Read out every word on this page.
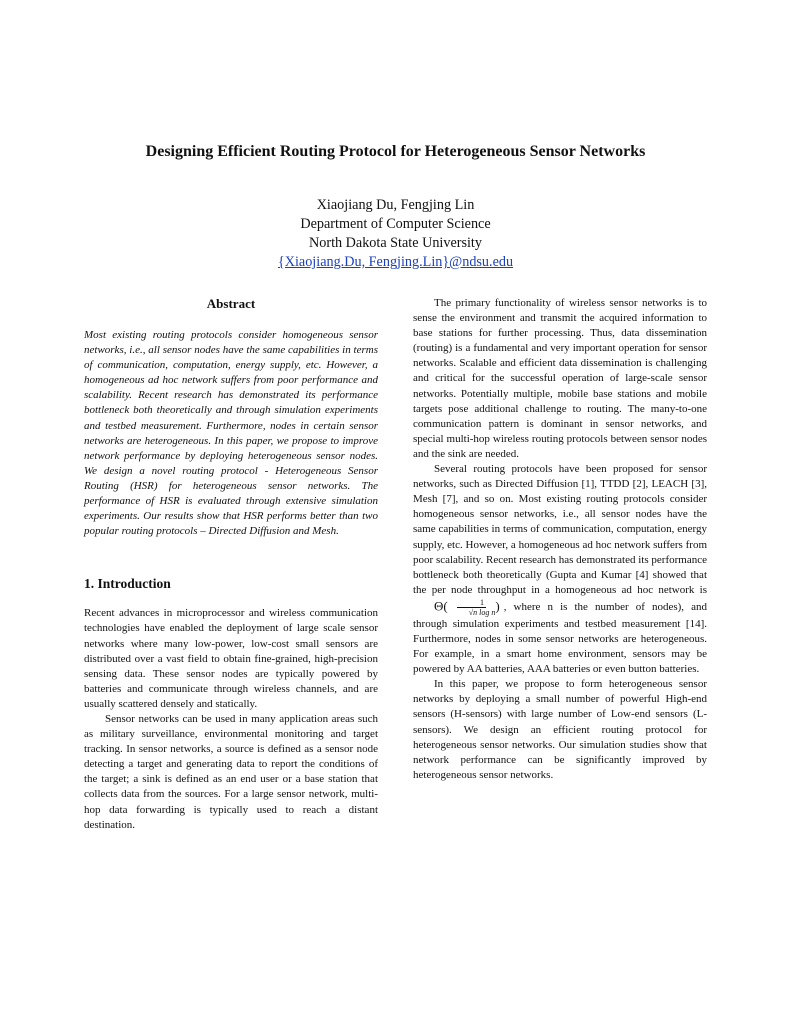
Designing Efficient Routing Protocol for Heterogeneous Sensor Networks
Xiaojiang Du, Fengjing Lin
Department of Computer Science
North Dakota State University
{Xiaojiang.Du, Fengjing.Lin}@ndsu.edu
Abstract

Most existing routing protocols consider homogeneous sensor networks, i.e., all sensor nodes have the same capabilities in terms of communication, computation, energy supply, etc. However, a homogeneous ad hoc network suffers from poor performance and scalability. Recent research has demonstrated its performance bottleneck both theoretically and through simulation experiments and testbed measurement. Furthermore, nodes in certain sensor networks are heterogeneous. In this paper, we propose to improve network performance by deploying heterogeneous sensor nodes. We design a novel routing protocol - Heterogeneous Sensor Routing (HSR) for heterogeneous sensor networks. The performance of HSR is evaluated through extensive simulation experiments. Our results show that HSR performs better than two popular routing protocols – Directed Diffusion and Mesh.

1. Introduction

Recent advances in microprocessor and wireless communication technologies have enabled the deployment of large scale sensor networks where many low-power, low-cost small sensors are distributed over a vast field to obtain fine-grained, high-precision sensing data. These sensor nodes are typically powered by batteries and communicate through wireless channels, and are usually scattered densely and statically.

Sensor networks can be used in many application areas such as military surveillance, environmental monitoring and target tracking. In sensor networks, a source is defined as a sensor node detecting a target and generating data to report the conditions of the target; a sink is defined as an end user or a base station that collects data from the sources. For a large sensor network, multi-hop data forwarding is typically used to reach a distant destination.

The primary functionality of wireless sensor networks is to sense the environment and transmit the acquired information to base stations for further processing. Thus, data dissemination (routing) is a fundamental and very important operation for sensor networks. Scalable and efficient data dissemination is challenging and critical for the successful operation of large-scale sensor networks. Potentially multiple, mobile base stations and mobile targets pose additional challenge to routing. The many-to-one communication pattern is dominant in sensor networks, and special multi-hop wireless routing protocols between sensor nodes and the sink are needed.

Several routing protocols have been proposed for sensor networks, such as Directed Diffusion [1], TTDD [2], LEACH [3], Mesh [7], and so on. Most existing routing protocols consider homogeneous sensor networks, i.e., all sensor nodes have the same capabilities in terms of communication, computation, energy supply, etc. However, a homogeneous ad hoc network suffers from poor scalability. Recent research has demonstrated its performance bottleneck both theoretically (Gupta and Kumar [4] showed that the per node throughput in a homogeneous ad hoc network is $\Theta( \frac{1}{\text{√n log n}}$ ) , where n is the number of nodes), and through simulation experiments and testbed measurement [14]. Furthermore, nodes in some sensor networks are heterogeneous. For example, in a smart home environment, sensors may be powered by AA batteries, AAA batteries or even button batteries.

In this paper, we propose to form heterogeneous sensor networks by deploying a small number of powerful High-end sensors (H-sensors) with large number of Low-end sensors (L-sensors). We design an efficient routing protocol for heterogeneous sensor networks. Our simulation studies show that network performance can be significantly improved by heterogeneous sensor networks.
